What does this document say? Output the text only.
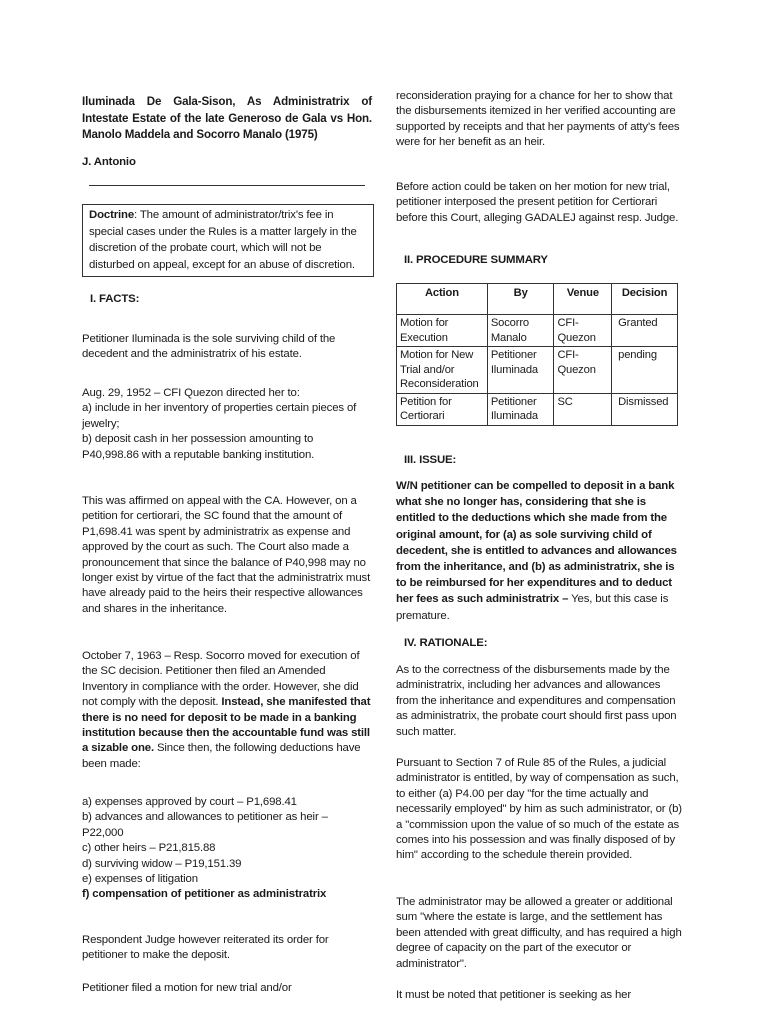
Iluminada De Gala-Sison, As Administratrix of Intestate Estate of the late Generoso de Gala vs Hon. Manolo Maddela and Socorro Manalo (1975)
J. Antonio
Doctrine: The amount of administrator/trix's fee in special cases under the Rules is a matter largely in the discretion of the probate court, which will not be disturbed on appeal, except for an abuse of discretion.
I. FACTS:

Petitioner Iluminada is the sole surviving child of the decedent and the administratrix of his estate.

Aug. 29, 1952 – CFI Quezon directed her to:
a) include in her inventory of properties certain pieces of jewelry;
b) deposit cash in her possession amounting to P40,998.86 with a reputable banking institution.

This was affirmed on appeal with the CA. However, on a petition for certiorari, the SC found that the amount of P1,698.41 was spent by administratrix as expense and approved by the court as such. The Court also made a pronouncement that since the balance of P40,998 may no longer exist by virtue of the fact that the administratrix must have already paid to the heirs their respective allowances and shares in the inheritance.

October 7, 1963 – Resp. Socorro moved for execution of the SC decision. Petitioner then filed an Amended Inventory in compliance with the order. However, she did not comply with the deposit. Instead, she manifested that there is no need for deposit to be made in a banking institution because then the accountable fund was still a sizable one. Since then, the following deductions have been made:

a) expenses approved by court – P1,698.41
b) advances and allowances to petitioner as heir – P22,000
c) other heirs – P21,815.88
d) surviving widow – P19,151.39
e) expenses of litigation
f) compensation of petitioner as administratrix

Respondent Judge however reiterated its order for petitioner to make the deposit.

Petitioner filed a motion for new trial and/or

reconsideration praying for a chance for her to show that the disbursements itemized in her verified accounting are supported by receipts and that her payments of atty's fees were for her benefit as an heir.

Before action could be taken on her motion for new trial, petitioner interposed the present petition for Certiorari before this Court, alleging GADALEJ against resp. Judge.

II. PROCEDURE SUMMARY
Action	By	Venue	Decision
Motion for Execution	Socorro Manalo	CFI-Quezon	Granted
Motion for New Trial and/or Reconsideration	Petitioner Iluminada	CFI-Quezon	pending
Petition for Certiorari	Petitioner Iluminada	SC	Dismissed
III. ISSUE:

W/N petitioner can be compelled to deposit in a bank what she no longer has, considering that she is entitled to the deductions which she made from the original amount, for (a) as sole surviving child of decedent, she is entitled to advances and allowances from the inheritance, and (b) as administratrix, she is to be reimbursed for her expenditures and to deduct her fees as such administratrix – Yes, but this case is premature.

IV. RATIONALE:

As to the correctness of the disbursements made by the administratrix, including her advances and allowances from the inheritance and expenditures and compensation as administratrix, the probate court should first pass upon such matter.

Pursuant to Section 7 of Rule 85 of the Rules, a judicial administrator is entitled, by way of compensation as such, to either (a) P4.00 per day "for the time actually and necessarily employed" by him as such administrator, or (b) a "commission upon the value of so much of the estate as comes into his possession and was finally disposed of by him" according to the schedule therein provided.

The administrator may be allowed a greater or additional sum "where the estate is large, and the settlement has been attended with great difficulty, and has required a high degree of capacity on the part of the executor or administrator".

It must be noted that petitioner is seeking as her
